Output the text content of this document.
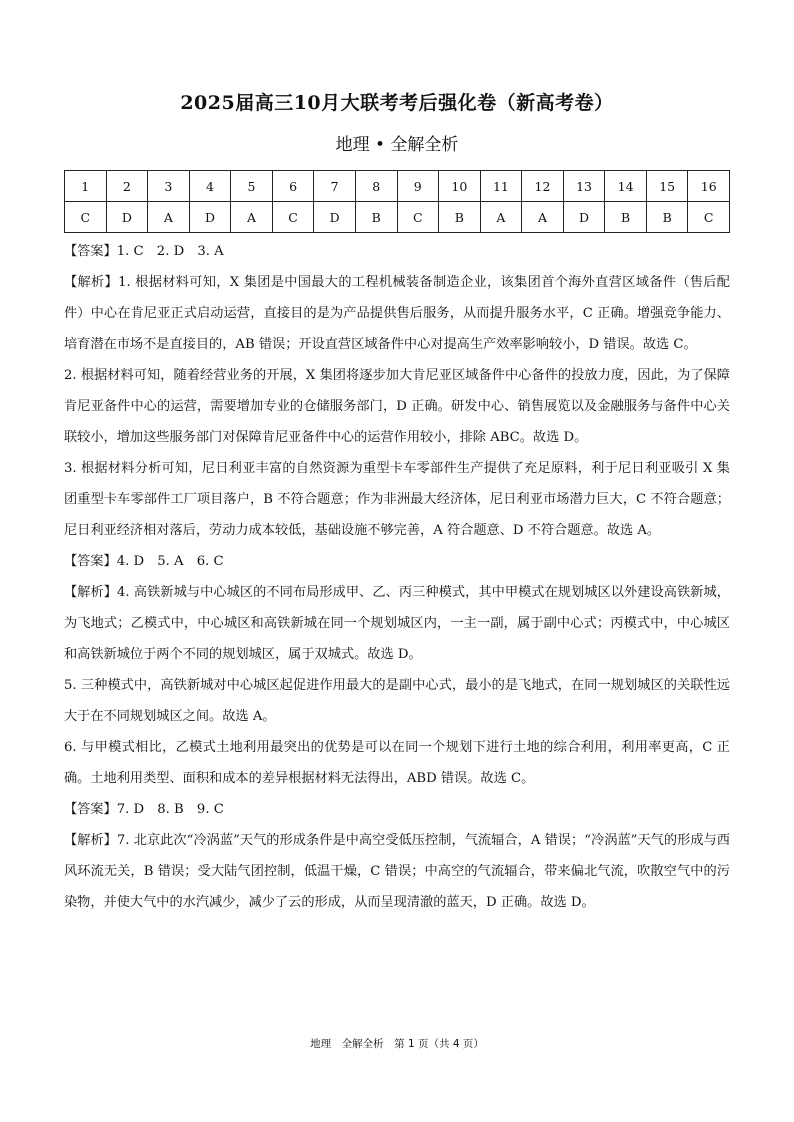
2025届高三10月大联考考后强化卷（新高考卷）
地理 • 全解全析
1	2	3	4	5	6	7	8	9	10	11	12	13	14	15	16
C	D	A	D	A	C	D	B	C	B	A	A	D	B	B	C

【答案】1. C　2. D　3. A

【解析】1. 根据材料可知，X 集团是中国最大的工程机械装备制造企业，该集团首个海外直营区域备件（售后配件）中心在肯尼亚正式启动运营，直接目的是为产品提供售后服务，从而提升服务水平，C 正确。增强竞争能力、培育潜在市场不是直接目的，AB 错误；开设直营区域备件中心对提高生产效率影响较小，D 错误。故选 C。

2. 根据材料可知，随着经营业务的开展，X 集团将逐步加大肯尼亚区域备件中心备件的投放力度，因此，为了保障肯尼亚备件中心的运营，需要增加专业的仓储服务部门，D 正确。研发中心、销售展览以及金融服务与备件中心关联较小，增加这些服务部门对保障肯尼亚备件中心的运营作用较小，排除 ABC。故选 D。

3. 根据材料分析可知，尼日利亚丰富的自然资源为重型卡车零部件生产提供了充足原料，利于尼日利亚吸引 X 集团重型卡车零部件工厂项目落户，B 不符合题意；作为非洲最大经济体，尼日利亚市场潜力巨大，C 不符合题意；尼日利亚经济相对落后，劳动力成本较低，基础设施不够完善，A 符合题意、D 不符合题意。故选 A。

【答案】4. D　5. A　6. C

【解析】4. 高铁新城与中心城区的不同布局形成甲、乙、丙三种模式，其中甲模式在规划城区以外建设高铁新城，为飞地式；乙模式中，中心城区和高铁新城在同一个规划城区内，一主一副，属于副中心式；丙模式中，中心城区和高铁新城位于两个不同的规划城区，属于双城式。故选 D。

5. 三种模式中，高铁新城对中心城区起促进作用最大的是副中心式，最小的是飞地式，在同一规划城区的关联性远大于在不同规划城区之间。故选 A。

6. 与甲模式相比，乙模式土地利用最突出的优势是可以在同一个规划下进行土地的综合利用，利用率更高，C 正确。土地利用类型、面积和成本的差异根据材料无法得出，ABD 错误。故选 C。

【答案】7. D　8. B　9. C

【解析】7. 北京此次“冷涡蓝”天气的形成条件是中高空受低压控制，气流辐合，A 错误；“冷涡蓝”天气的形成与西风环流无关，B 错误；受大陆气团控制，低温干燥，C 错误；中高空的气流辐合，带来偏北气流，吹散空气中的污染物，并使大气中的水汽减少，减少了云的形成，从而呈现清澈的蓝天，D 正确。故选 D。

地理　全解全析　第 1 页（共 4 页）
